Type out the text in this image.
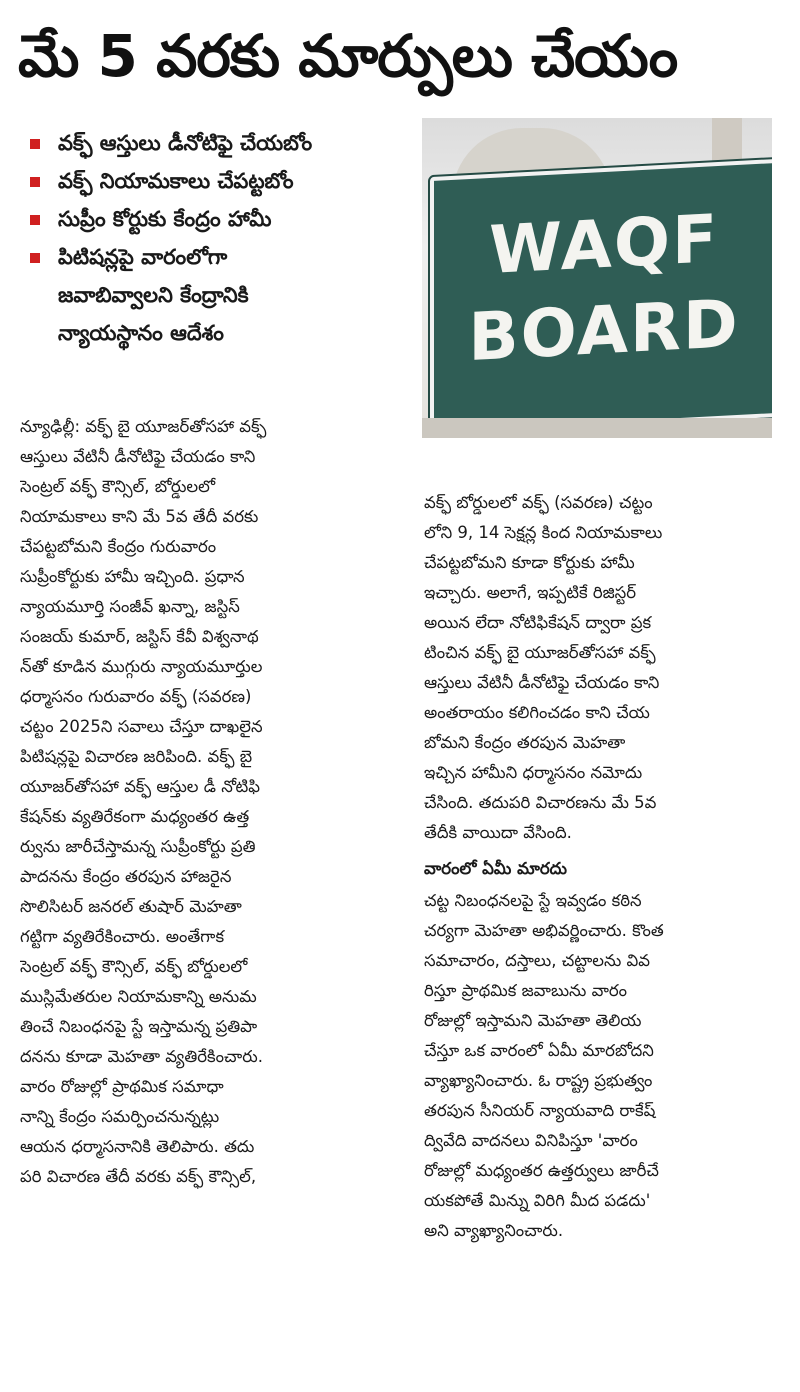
మే 5 వరకు మార్పులు చేయం
వక్ఫ్ ఆస్తులు డీనోటిఫై చేయబోం
వక్ఫ్ నియామకాలు చేపట్టబోం
సుప్రీం కోర్టుకు కేంద్రం హామీ
పిటిషన్లపై వారంలోగా
జవాబివ్వాలని కేంద్రానికి
న్యాయస్థానం ఆదేశం
WAQF
BOARD
న్యూఢిల్లీ: వక్ఫ్ బై యూజర్‌తోసహా వక్ఫ్
ఆస్తులు వేటినీ డీనోటిఫై చేయడం కాని
సెంట్రల్ వక్ఫ్ కౌన్సిల్, బోర్డులలో
నియామకాలు కాని మే 5వ తేదీ వరకు
చేపట్టబోమని కేంద్రం గురువారం
సుప్రీంకోర్టుకు హామీ ఇచ్చింది. ప్రధాన
న్యాయమూర్తి సంజీవ్ ఖన్నా, జస్టిస్
సంజయ్ కుమార్, జస్టిస్ కేవీ విశ్వనాథ
న్‌తో కూడిన ముగ్గురు న్యాయమూర్తుల
ధర్మాసనం గురువారం వక్ఫ్ (సవరణ)
చట్టం 2025ని సవాలు చేస్తూ దాఖలైన
పిటిషన్లపై విచారణ జరిపింది. వక్ఫ్ బై
యూజర్‌తోసహా వక్ఫ్ ఆస్తుల డీ నోటిఫి
కేషన్‌కు వ్యతిరేకంగా మధ్యంతర ఉత్త
ర్వును జారీచేస్తామన్న సుప్రీంకోర్టు ప్రతి
పాదనను కేంద్రం తరపున హాజరైన
సొలిసిటర్ జనరల్ తుషార్ మెహతా
గట్టిగా వ్యతిరేకించారు. అంతేగాక
సెంట్రల్ వక్ఫ్ కౌన్సిల్, వక్ఫ్ బోర్డులలో
ముస్లిమేతరుల నియామకాన్ని అనుమ
తించే నిబంధనపై స్టే ఇస్తామన్న ప్రతిపా
దనను కూడా మెహతా వ్యతిరేకించారు.
వారం రోజుల్లో ప్రాథమిక సమాధా
నాన్ని కేంద్రం సమర్పించనున్నట్లు
ఆయన ధర్మాసనానికి తెలిపారు. తదు
పరి విచారణ తేదీ వరకు వక్ఫ్ కౌన్సిల్,
వక్ఫ్ బోర్డులలో వక్ఫ్ (సవరణ) చట్టం
లోని 9, 14 సెక్షన్ల కింద నియామకాలు
చేపట్టబోమని కూడా కోర్టుకు హామీ
ఇచ్చారు. అలాగే, ఇప్పటికే రిజిస్టర్
అయిన లేదా నోటిఫికేషన్ ద్వారా ప్రక
టించిన వక్ఫ్ బై యూజర్‌తోసహా వక్ఫ్
ఆస్తులు వేటినీ డీనోటిఫై చేయడం కాని
అంతరాయం కలిగించడం కాని చేయ
బోమని కేంద్రం తరపున మెహతా
ఇచ్చిన హామీని ధర్మాసనం నమోదు
చేసింది. తదుపరి విచారణను మే 5వ
తేదీకి వాయిదా వేసింది.
వారంలో ఏమీ మారదు
చట్ట నిబంధనలపై స్టే ఇవ్వడం కఠిన
చర్యగా మెహతా అభివర్ణించారు. కొంత
సమాచారం, దస్తాలు, చట్టాలను వివ
రిస్తూ ప్రాథమిక జవాబును వారం
రోజుల్లో ఇస్తామని మెహతా తెలియ
చేస్తూ ఒక వారంలో ఏమీ మారబోదని
వ్యాఖ్యానించారు. ఓ రాష్ట్ర ప్రభుత్వం
తరపున సీనియర్ న్యాయవాది రాకేష్
ద్వివేది వాదనలు వినిపిస్తూ 'వారం
రోజుల్లో మధ్యంతర ఉత్తర్వులు జారీచే
యకపోతే మిన్ను విరిగి మీద పడదు'
అని వ్యాఖ్యానించారు.
